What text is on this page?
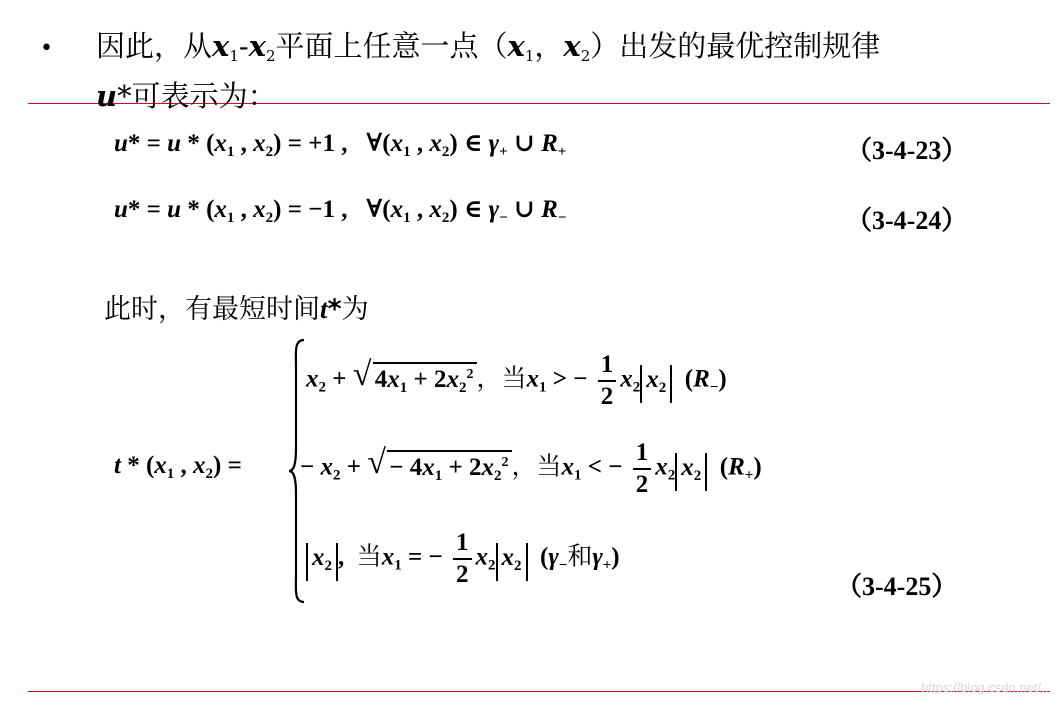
• 因此，从$x_1-x_2$平面上任意一点（$x_1$，$x_2$）出发的最优控制规律
u*可表示为：
$u* = u * (x_1$ , $x_2) = +1$ ,   $\forall(x_1$ , $x_2$) ∈ $\gamma_+$ ∪ $R_+$	（3-4-23）
$u* = u * (x_1$ , $x_2) = -1$ ,   $\forall(x_1$ , $x_2$) ∈ $\gamma_-$ ∪ $R_-$	（3-4-24）
此时，有最短时间t*为
t * ($x_1$ , $x_2$) =
$x_2$ + √ $4x_1 + 2x_2^2$ ，当$x_1$ > − $\frac{1}{2} x_2$ $x_2$  $(R_-)$
− $x_2$ + √ − $4x_1 + 2x_2^2$ ，当$x_1$ < − $\frac{1}{2} x_2$ $x_2$  $(R_+)$
$x_2$ ,  当$x_1$ = − $\frac{1}{2} x_2$ $x_2$  ($\gamma_-$和$\gamma_+$)
（3-4-25）
https://blog.csdn.net/...
